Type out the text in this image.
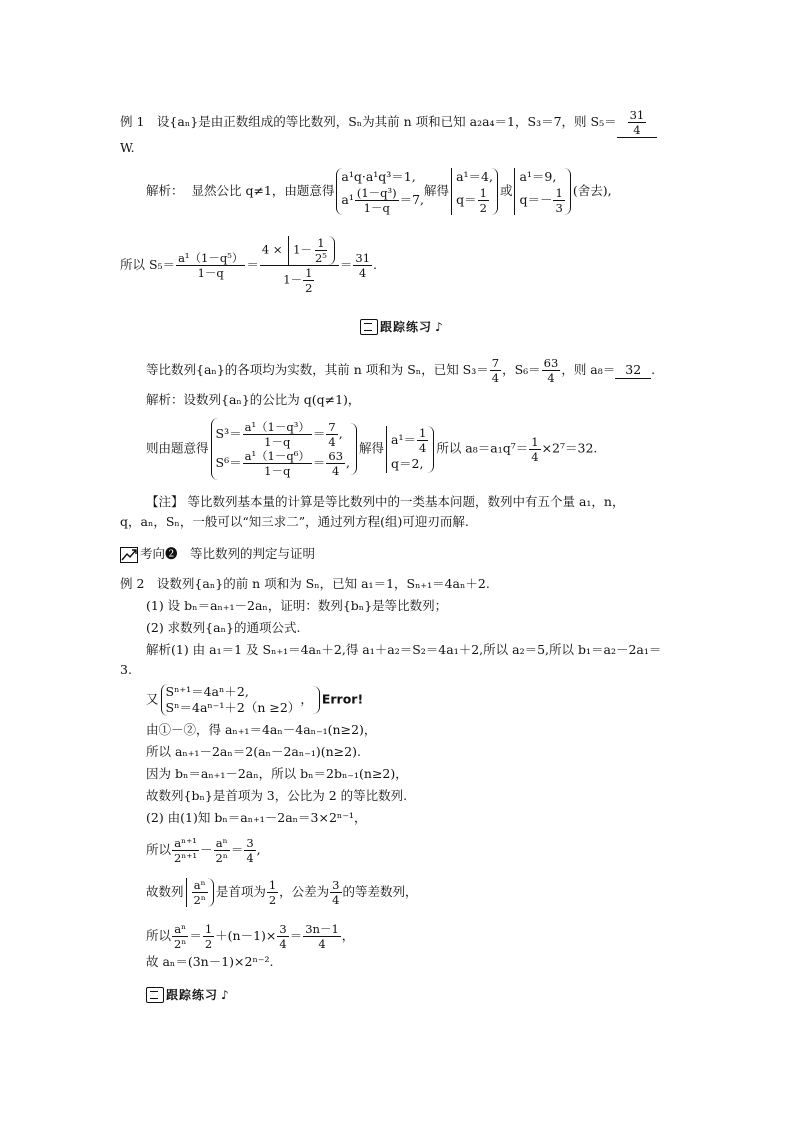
例 1　设{aₙ}是由正数组成的等比数列，Sₙ为其前 n 项和已知 a₂a₄＝1，S₃＝7，则 $S_5= \frac{31}{4}$
W.
解析： 显然公比 q≠1，由题意得
a¹q·a¹q³＝1,
$a^1 \frac{\text{(1－q³)}}{1-q} =7$,
解得
a¹＝4,
$q= \frac{1}{2}$ 或
a¹＝9,
$q=- \frac{1}{3}$ (舍去),
所以 $S_5= \frac{\text{a¹（1－q⁵）}}{1-q} = \frac{4 \times 1- \frac{1}{\text{2⁵}}}{1- \frac{1}{2}} = \frac{31}{4}$ .
跟踪练习 ♪
等比数列{aₙ}的各项均为实数，其前 n 项和为 Sₙ，已知 $S_3= \frac{7}{4}$ ，$S_6= \frac{63}{4}$ ，则 a₈＝ 32 .
解析：设数列{aₙ}的公比为 q(q≠1)，
则由题意得
$S^3= \frac{\text{a¹（1－q³）}}{1-q} = \frac{7}{4}$ ,
$S^6= \frac{\text{a¹（1－q⁶）}}{1-q} = \frac{63}{4}$ ,
解得
$a^1= \frac{1}{4}$
q＝2,
所以 $a_8=a_1q^7= \frac{1}{4} \times 2^7=32$.
【注】 等比数列基本量的计算是等比数列中的一类基本问题，数列中有五个量 a₁，n，
q，aₙ，Sₙ，一般可以“知三求二”，通过列方程(组)可迎刃而解.
考向❷　等比数列的判定与证明
例 2　设数列{aₙ}的前 n 项和为 Sₙ，已知 a₁＝1，Sₙ₊₁＝4aₙ＋2.
(1) 设 bₙ＝aₙ₊₁－2aₙ，证明：数列{bₙ}是等比数列；
(2) 求数列{aₙ}的通项公式.
解析(1) 由 a₁＝1 及 Sₙ₊₁＝4aₙ＋2,得 a₁＋a₂＝S₂＝4a₁＋2,所以 a₂＝5,所以 b₁＝a₂－2a₁＝
3.
又 Sⁿ⁺¹＝4aⁿ＋2,
Sⁿ＝4aⁿ⁻¹＋2（n ≥2）
， Error!
由①－②，得 aₙ₊₁＝4aₙ－4aₙ₋₁(n≥2)，
所以 aₙ₊₁－2aₙ＝2(aₙ－2aₙ₋₁)(n≥2).
因为 bₙ＝aₙ₊₁－2aₙ，所以 bₙ＝2bₙ₋₁(n≥2)，
故数列{bₙ}是首项为 3，公比为 2 的等比数列.
(2) 由(1)知 bₙ＝aₙ₊₁－2aₙ＝3×2ⁿ⁻¹，
所以 $\frac{\text{aⁿ⁺¹}}{\text{2ⁿ⁺¹}} - \frac{\text{aⁿ}}{\text{2ⁿ}} = \frac{3}{4}$ ,
故数列 $\frac{\text{aⁿ}}{\text{2ⁿ}}$ 是首项为 $\frac{1}{2}$ ，公差为 $\frac{3}{4}$ 的等差数列，
所以 $\frac{\text{aⁿ}}{\text{2ⁿ}} = \frac{1}{2} +(n-1)\times \frac{3}{4} = \frac{3n-1}{4}$ ，
故 aₙ＝(3n－1)×2ⁿ⁻².
跟踪练习 ♪
